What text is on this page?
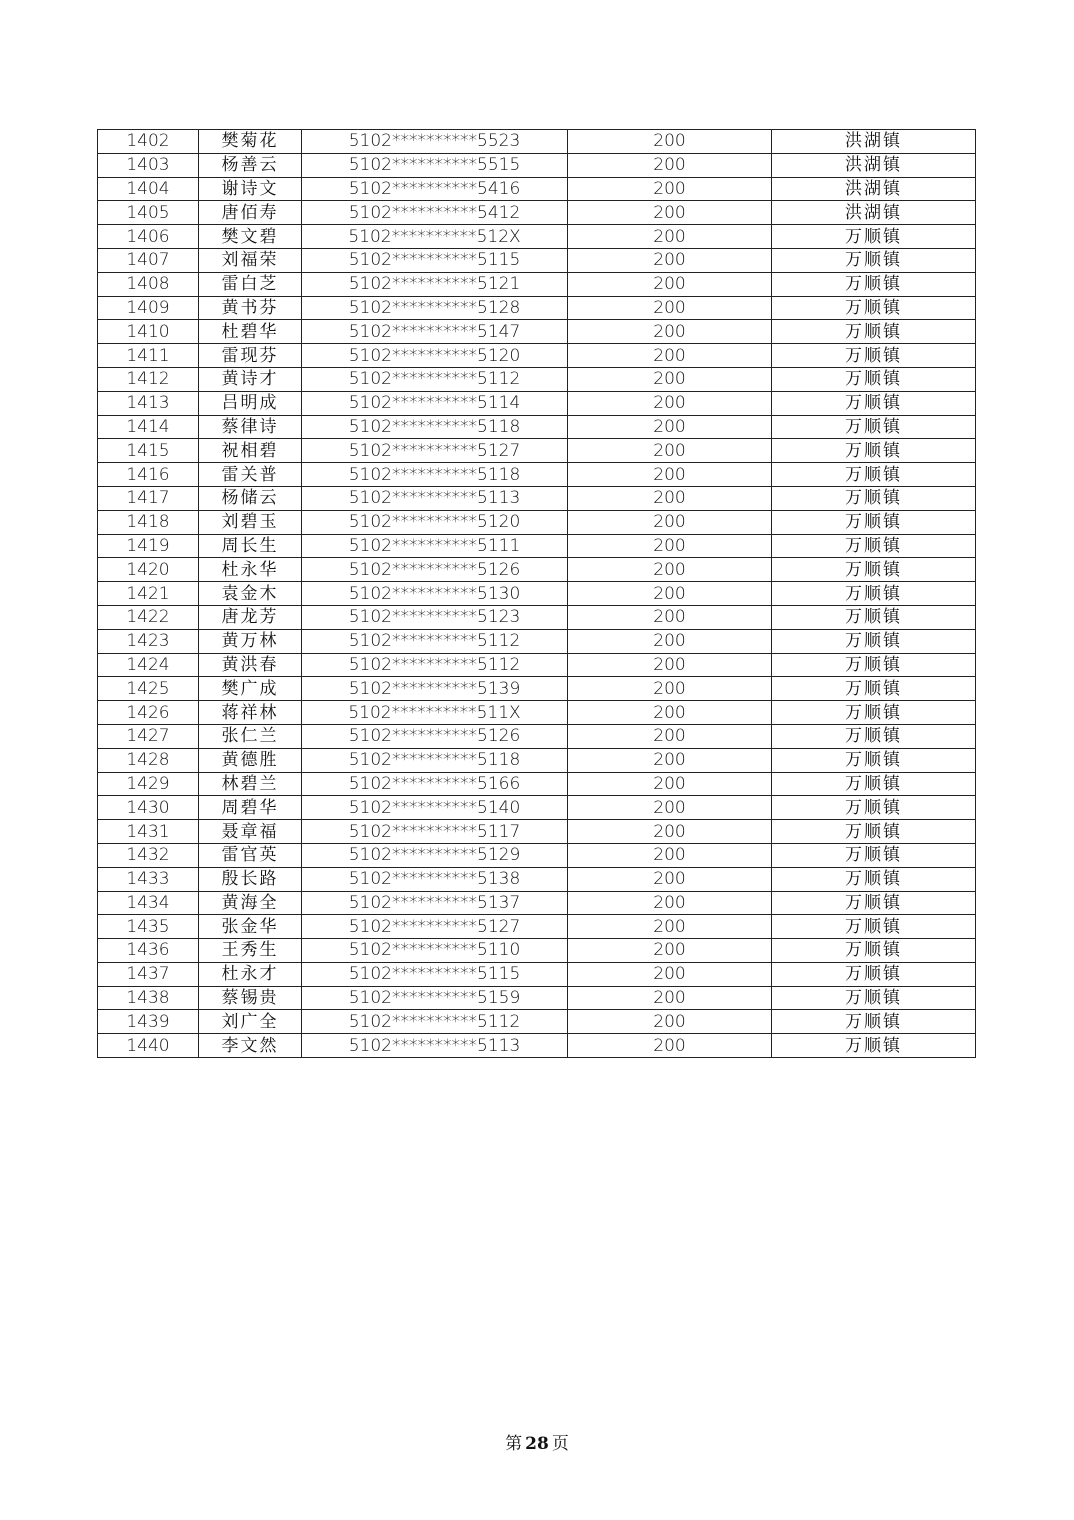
1402	樊菊花	5102**********5523	200	洪湖镇
1403	杨善云	5102**********5515	200	洪湖镇
1404	谢诗文	5102**********5416	200	洪湖镇
1405	唐佰寿	5102**********5412	200	洪湖镇
1406	樊文碧	5102**********512X	200	万顺镇
1407	刘福荣	5102**********5115	200	万顺镇
1408	雷白芝	5102**********5121	200	万顺镇
1409	黄书芬	5102**********5128	200	万顺镇
1410	杜碧华	5102**********5147	200	万顺镇
1411	雷现芬	5102**********5120	200	万顺镇
1412	黄诗才	5102**********5112	200	万顺镇
1413	吕明成	5102**********5114	200	万顺镇
1414	蔡律诗	5102**********5118	200	万顺镇
1415	祝相碧	5102**********5127	200	万顺镇
1416	雷关普	5102**********5118	200	万顺镇
1417	杨储云	5102**********5113	200	万顺镇
1418	刘碧玉	5102**********5120	200	万顺镇
1419	周长生	5102**********5111	200	万顺镇
1420	杜永华	5102**********5126	200	万顺镇
1421	袁金木	5102**********5130	200	万顺镇
1422	唐龙芳	5102**********5123	200	万顺镇
1423	黄万林	5102**********5112	200	万顺镇
1424	黄洪春	5102**********5112	200	万顺镇
1425	樊广成	5102**********5139	200	万顺镇
1426	蒋祥林	5102**********511X	200	万顺镇
1427	张仁兰	5102**********5126	200	万顺镇
1428	黄德胜	5102**********5118	200	万顺镇
1429	林碧兰	5102**********5166	200	万顺镇
1430	周碧华	5102**********5140	200	万顺镇
1431	聂章福	5102**********5117	200	万顺镇
1432	雷官英	5102**********5129	200	万顺镇
1433	殷长路	5102**********5138	200	万顺镇
1434	黄海全	5102**********5137	200	万顺镇
1435	张金华	5102**********5127	200	万顺镇
1436	王秀生	5102**********5110	200	万顺镇
1437	杜永才	5102**********5115	200	万顺镇
1438	蔡锡贵	5102**********5159	200	万顺镇
1439	刘广全	5102**********5112	200	万顺镇
1440	李文然	5102**********5113	200	万顺镇
第 28 页
